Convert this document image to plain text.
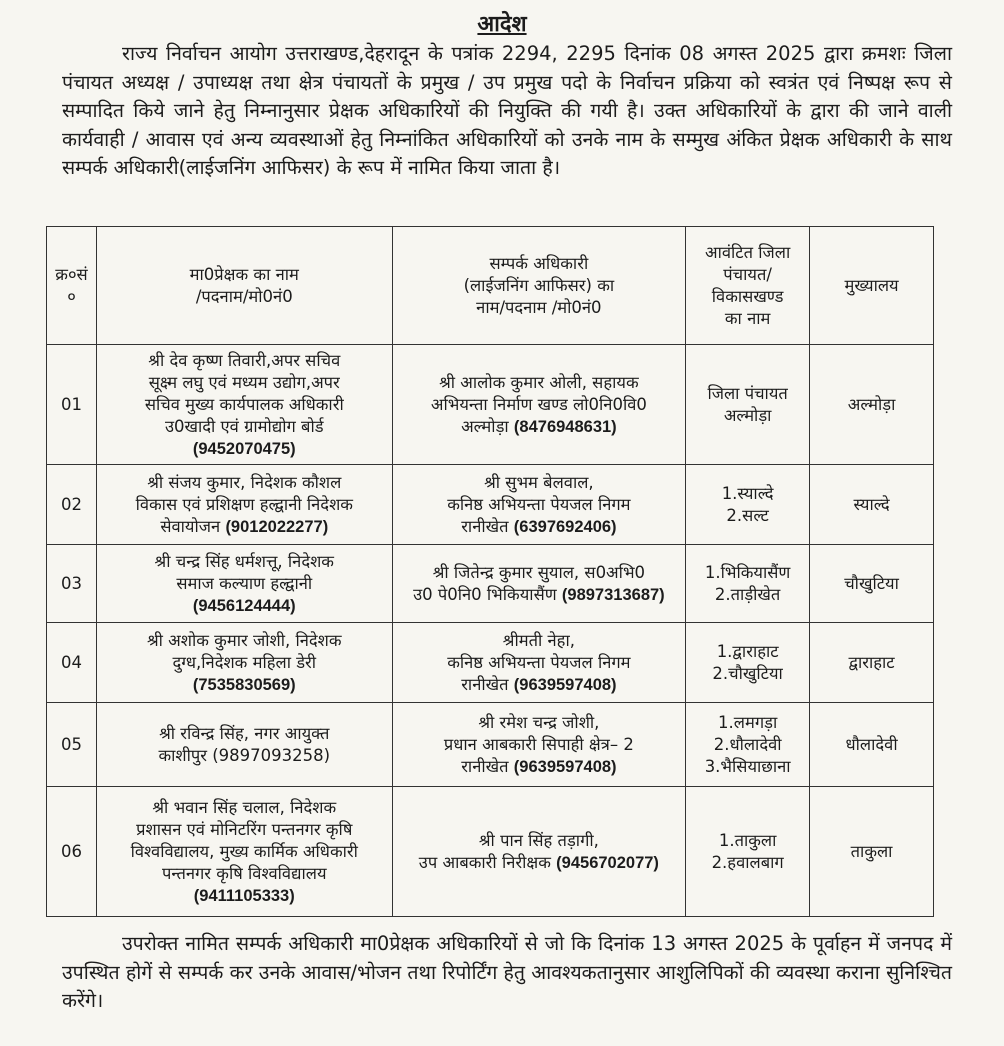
आदेश

राज्य निर्वाचन आयोग उत्तराखण्ड,देहरादून के पत्रांक 2294, 2295 दिनांक 08 अगस्त 2025 द्वारा क्रमशः जिला पंचायत अध्यक्ष / उपाध्यक्ष तथा क्षेत्र पंचायतों के प्रमुख / उप प्रमुख पदो के निर्वाचन प्रक्रिया को स्वत्रंत एवं निष्पक्ष रूप से सम्पादित किये जाने हेतु निम्नानुसार प्रेक्षक अधिकारियों की नियुक्ति की गयी है। उक्त अधिकारियों के द्वारा की जाने वाली कार्यवाही / आवास एवं अन्य व्यवस्थाओं हेतु निम्नांकित अधिकारियों को उनके नाम के सम्मुख अंकित प्रेक्षक अधिकारी के साथ सम्पर्क अधिकारी(लाईजनिंग आफिसर) के रूप में नामित किया जाता है।

क्र०सं
०	मा0प्रेक्षक का नाम
/पदनाम/मो0नं0	सम्पर्क अधिकारी
(लाईजनिंग आफिसर) का
नाम/पदनाम /मो0नं0	आवंटित जिला
पंचायत/
विकासखण्ड
का नाम	मुख्यालय

01	श्री देव कृष्ण तिवारी,अपर सचिव
सूक्ष्म लघु एवं मध्यम उद्योग,अपर
सचिव मुख्य कार्यपालक अधिकारी
उ0खादी एवं ग्रामोद्योग बोर्ड
(9452070475)	श्री आलोक कुमार ओली, सहायक
अभियन्ता निर्माण खण्ड लो0नि0वि0
अल्मोड़ा (8476948631)	जिला पंचायत
अल्मोड़ा	अल्मोड़ा
02	श्री संजय कुमार, निदेशक कौशल
विकास एवं प्रशिक्षण हल्द्वानी निदेशक
सेवायोजन (9012022277)	श्री सुभम बेलवाल,
कनिष्ठ अभियन्ता पेयजल निगम
रानीखेत (6397692406)	1.स्याल्दे
2.सल्ट	स्याल्दे
03	श्री चन्द्र सिंह धर्मशत्तू, निदेशक
समाज कल्याण हल्द्वानी
(9456124444)	श्री जितेन्द्र कुमार सुयाल, स0अभि0
उ0 पे0नि0 भिकियासैंण (9897313687)	1.भिकियासैंण
2.ताड़ीखेत	चौखुटिया
04	श्री अशोक कुमार जोशी, निदेशक
दुग्ध,निदेशक महिला डेरी
(7535830569)	श्रीमती नेहा,
कनिष्ठ अभियन्ता पेयजल निगम
रानीखेत (9639597408)	1.द्वाराहाट
2.चौखुटिया	द्वाराहाट
05	श्री रविन्द्र सिंह, नगर आयुक्त
काशीपुर (9897093258)	श्री रमेश चन्द्र जोशी,
प्रधान आबकारी सिपाही क्षेत्र– 2
रानीखेत (9639597408)	1.लमगड़ा
2.धौलादेवी
3.भैसियाछाना	धौलादेवी
06	श्री भवान सिंह चलाल, निदेशक
प्रशासन एवं मोनिटरिंग पन्तनगर कृषि
विश्वविद्यालय, मुख्य कार्मिक अधिकारी
पन्तनगर कृषि विश्वविद्यालय
(9411105333)	श्री पान सिंह तड़ागी,
उप आबकारी निरीक्षक (9456702077)	1.ताकुला
2.हवालबाग	ताकुला

उपरोक्त नामित सम्पर्क अधिकारी मा0प्रेक्षक अधिकारियों से जो कि दिनांक 13 अगस्त 2025 के पूर्वाहन में जनपद में उपस्थित होगें से सम्पर्क कर उनके आवास/भोजन तथा रिपोर्टिंग हेतु आवश्यकतानुसार आशुलिपिकों की व्यवस्था कराना सुनिश्चित करेंगे।
